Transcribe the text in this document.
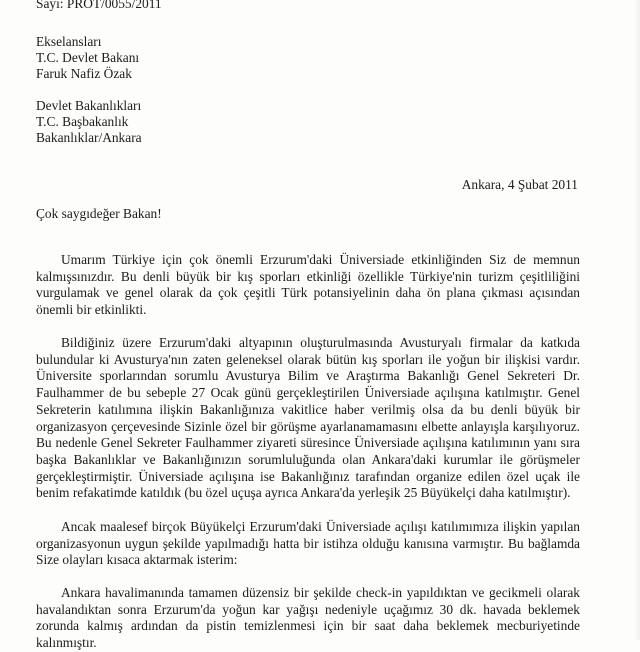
Sayı: PROT/0055/2011
Ekselansları
T.C. Devlet Bakanı
Faruk Nafiz Özak
Devlet Bakanlıkları
T.C. Başbakanlık
Bakanlıklar/Ankara
Ankara, 4 Şubat 2011
Çok saygıdeğer Bakan!
Umarım Türkiye için çok önemli Erzurum'daki Üniversiade etkinliğinden Siz de memnun kalmışsınızdır. Bu denli büyük bir kış sporları etkinliği özellikle Türkiye'nin turizm çeşitliliğini vurgulamak ve genel olarak da çok çeşitli Türk potansiyelinin daha ön plana çıkması açısından önemli bir etkinlikti.
Bildiğiniz üzere Erzurum'daki altyapının oluşturulmasında Avusturyalı firmalar da katkıda bulundular ki Avusturya'nın zaten geleneksel olarak bütün kış sporları ile yoğun bir ilişkisi vardır. Üniversite sporlarından sorumlu Avusturya Bilim ve Araştırma Bakanlığı Genel Sekreteri Dr. Faulhammer de bu sebeple 27 Ocak günü gerçekleştirilen Üniversiade açılışına katılmıştır. Genel Sekreterin katılımına ilişkin Bakanlığınıza vakitlice haber verilmiş olsa da bu denli büyük bir organizasyon çerçevesinde Sizinle özel bir görüşme ayarlanamamasını elbette anlayışla karşılıyoruz. Bu nedenle Genel Sekreter Faulhammer ziyareti süresince Üniversiade açılışına katılımının yanı sıra başka Bakanlıklar ve Bakanlığınızın sorumluluğunda olan Ankara'daki kurumlar ile görüşmeler gerçekleştirmiştir. Üniversiade açılışına ise Bakanlığınız tarafından organize edilen özel uçak ile benim refakatimde katıldık (bu özel uçuşa ayrıca Ankara'da yerleşik 25 Büyükelçi daha katılmıştır).
Ancak maalesef birçok Büyükelçi Erzurum'daki Üniversiade açılışı katılımımıza ilişkin yapılan organizasyonun uygun şekilde yapılmadığı hatta bir istihza olduğu kanısına varmıştır. Bu bağlamda Size olayları kısaca aktarmak isterim:
Ankara havalimanında tamamen düzensiz bir şekilde check-in yapıldıktan ve gecikmeli olarak havalandıktan sonra Erzurum'da yoğun kar yağışı nedeniyle uçağımız 30 dk. havada beklemek zorunda kalmış ardından da pistin temizlenmesi için bir saat daha beklemek mecburiyetinde kalınmıştır.
